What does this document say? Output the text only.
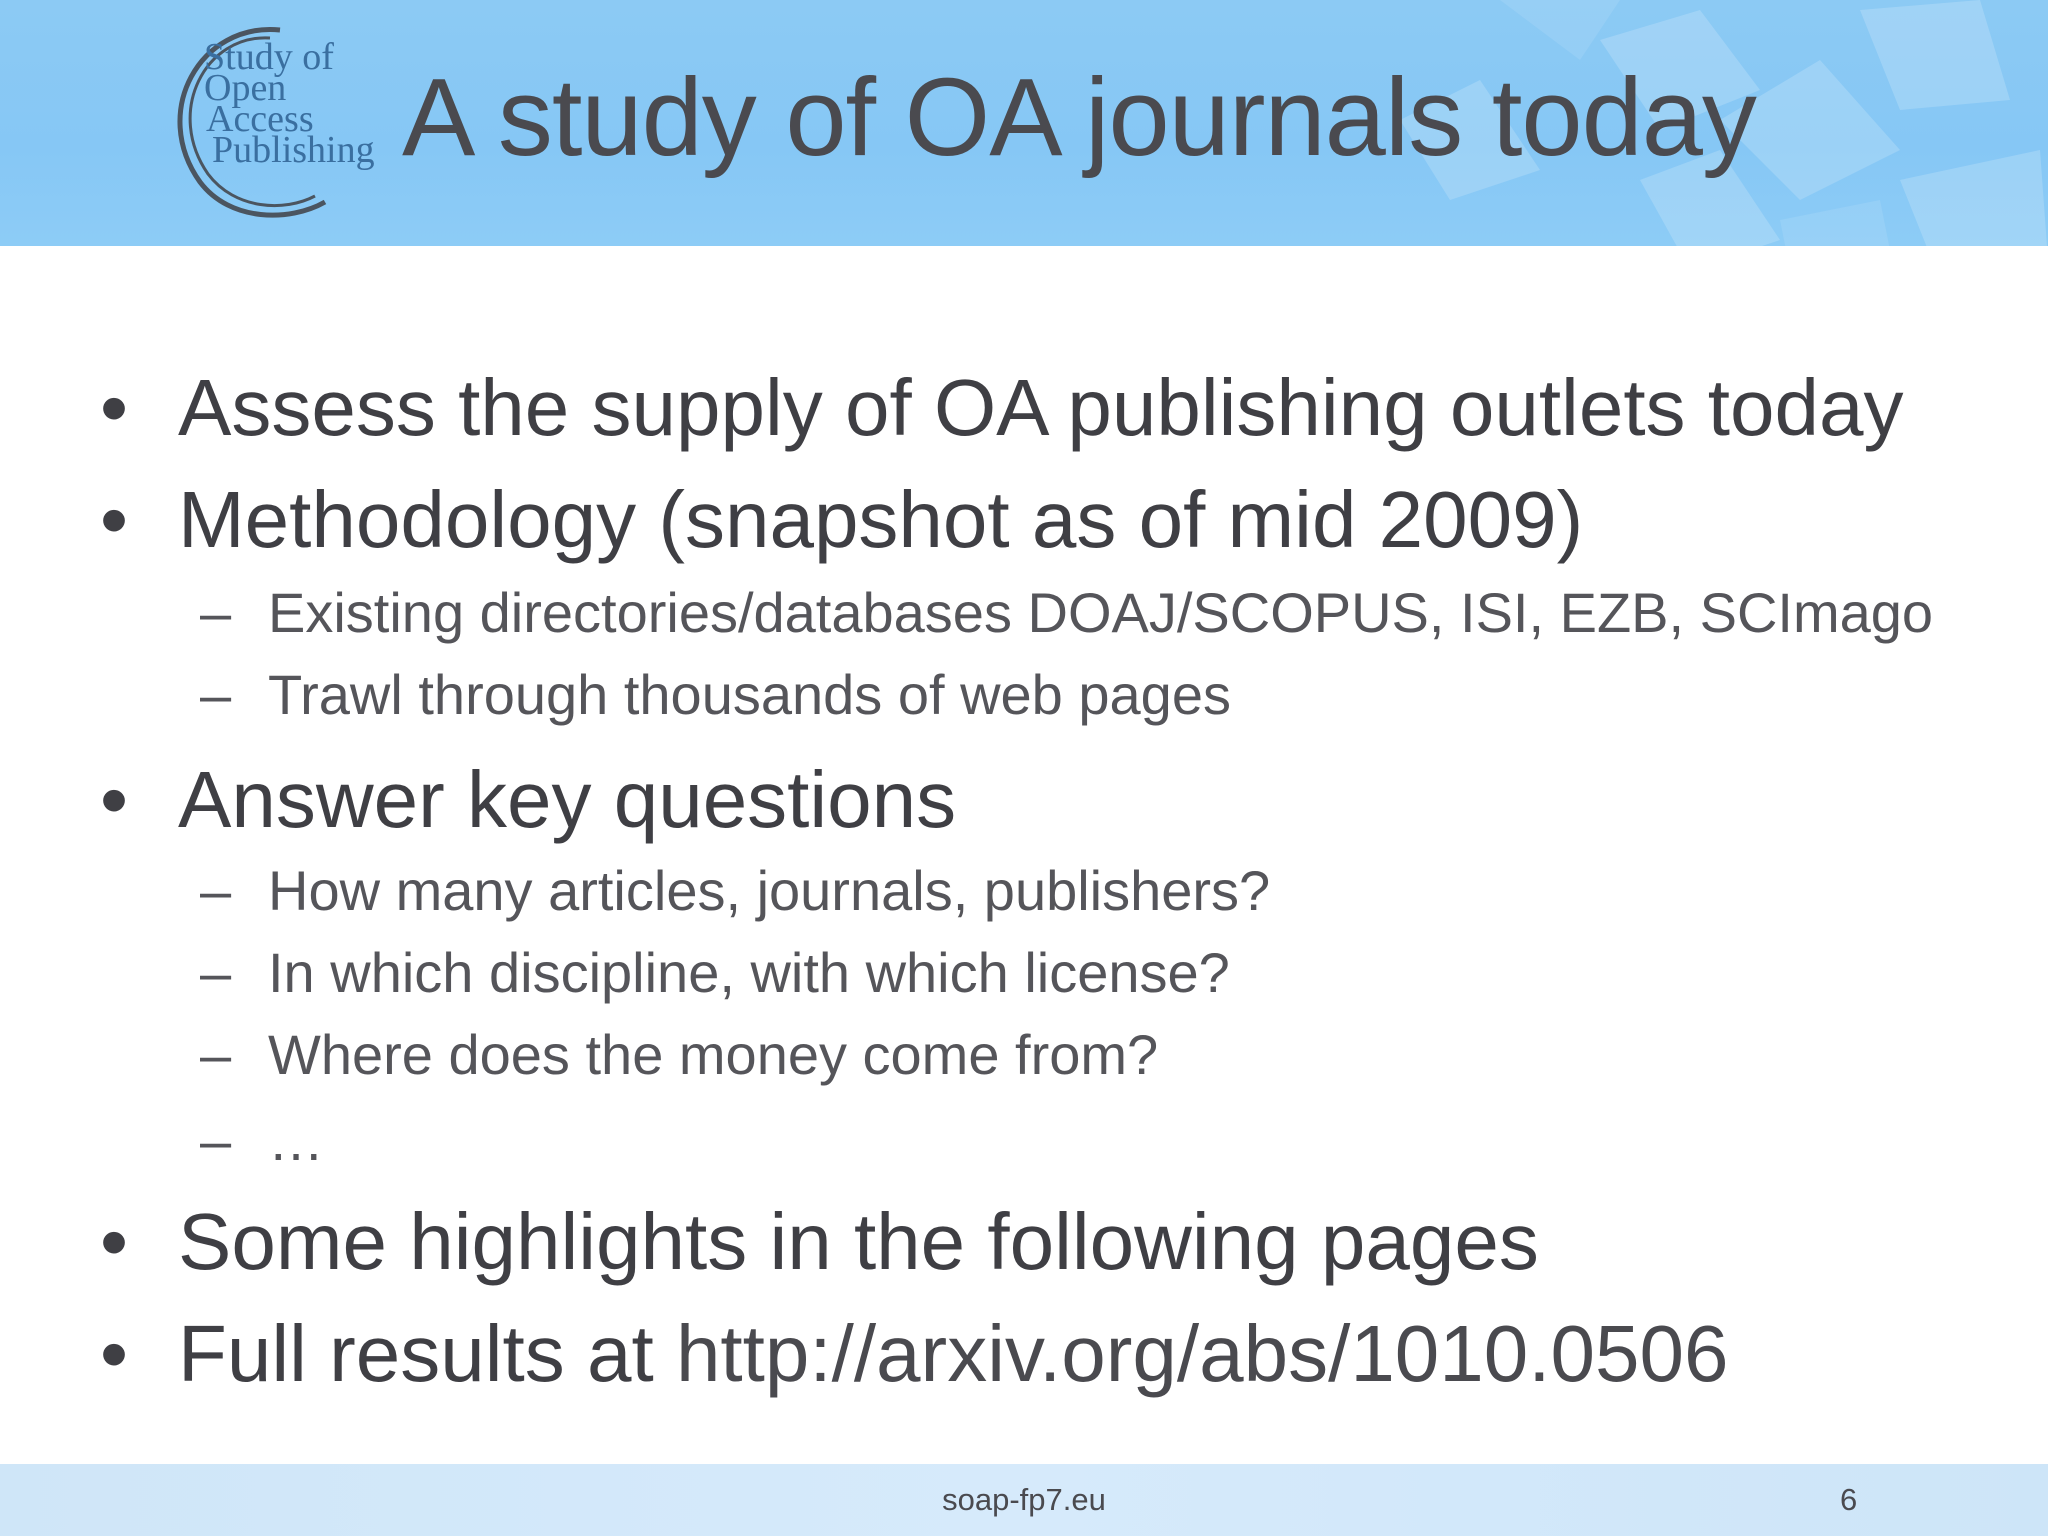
Study of
Open
Access
Publishing A study of OA journals today
• Assess the supply of OA publishing outlets today
• Methodology (snapshot as of mid 2009)
– Existing directories/databases DOAJ/SCOPUS, ISI, EZB, SCImago
– Trawl through thousands of web pages
• Answer key questions
– How many articles, journals, publishers?
– In which discipline, with which license?
– Where does the money come from?
– …
• Some highlights in the following pages
• Full results at http://arxiv.org/abs/1010.0506
soap-fp7.eu	6
